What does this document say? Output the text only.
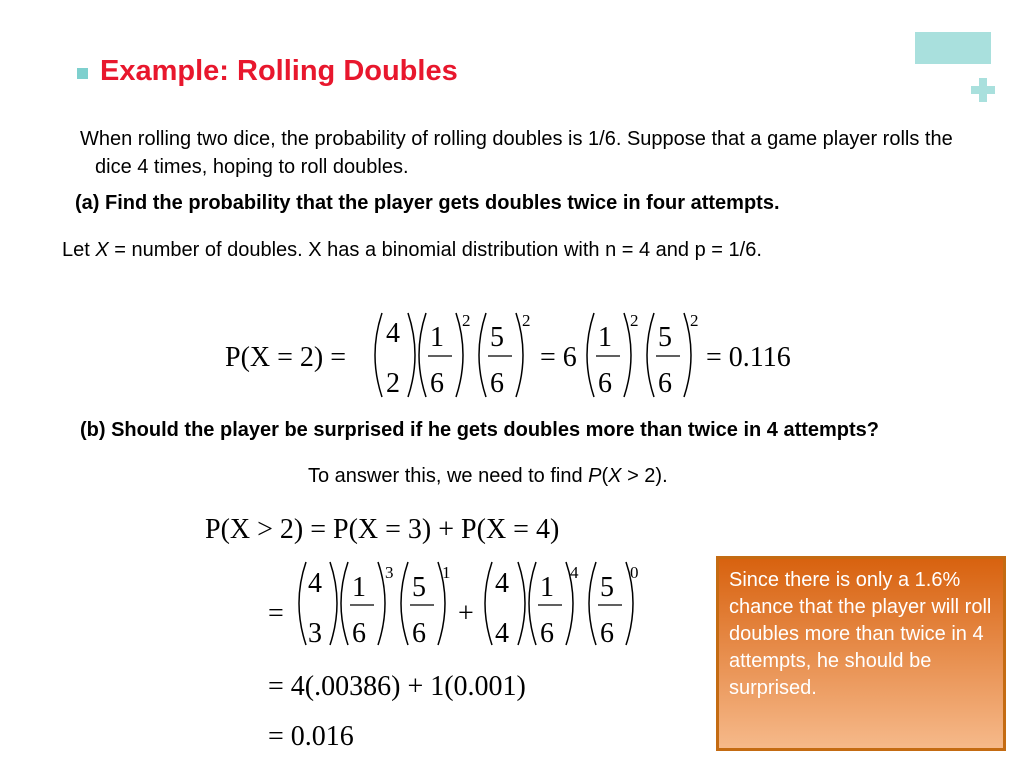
Example: Rolling Doubles
When rolling two dice, the probability of rolling doubles is 1/6. Suppose that a game player rolls the dice 4 times, hoping to roll doubles.
(a) Find the probability that the player gets doubles twice in four attempts.
Let X = number of doubles. X has a binomial distribution with n = 4 and p = 1/6.
P(X = 2) =
4
2
1
6
2
5
6
2
= 6
1
6
2
5
6
2
= 0.116
P(X > 2) = P(X = 3) + P(X = 4)
=
4
3
1
6
3 5
6
1
+
4
4
1
6
4 5
6
0
= 4(.00386) + 1(0.001)
= 0.016
(b) Should the player be surprised if he gets doubles more than twice in 4 attempts?
To answer this, we need to find P(X > 2).
Since there is only a 1.6% chance that the player will roll doubles more than twice in 4 attempts, he should be surprised.
